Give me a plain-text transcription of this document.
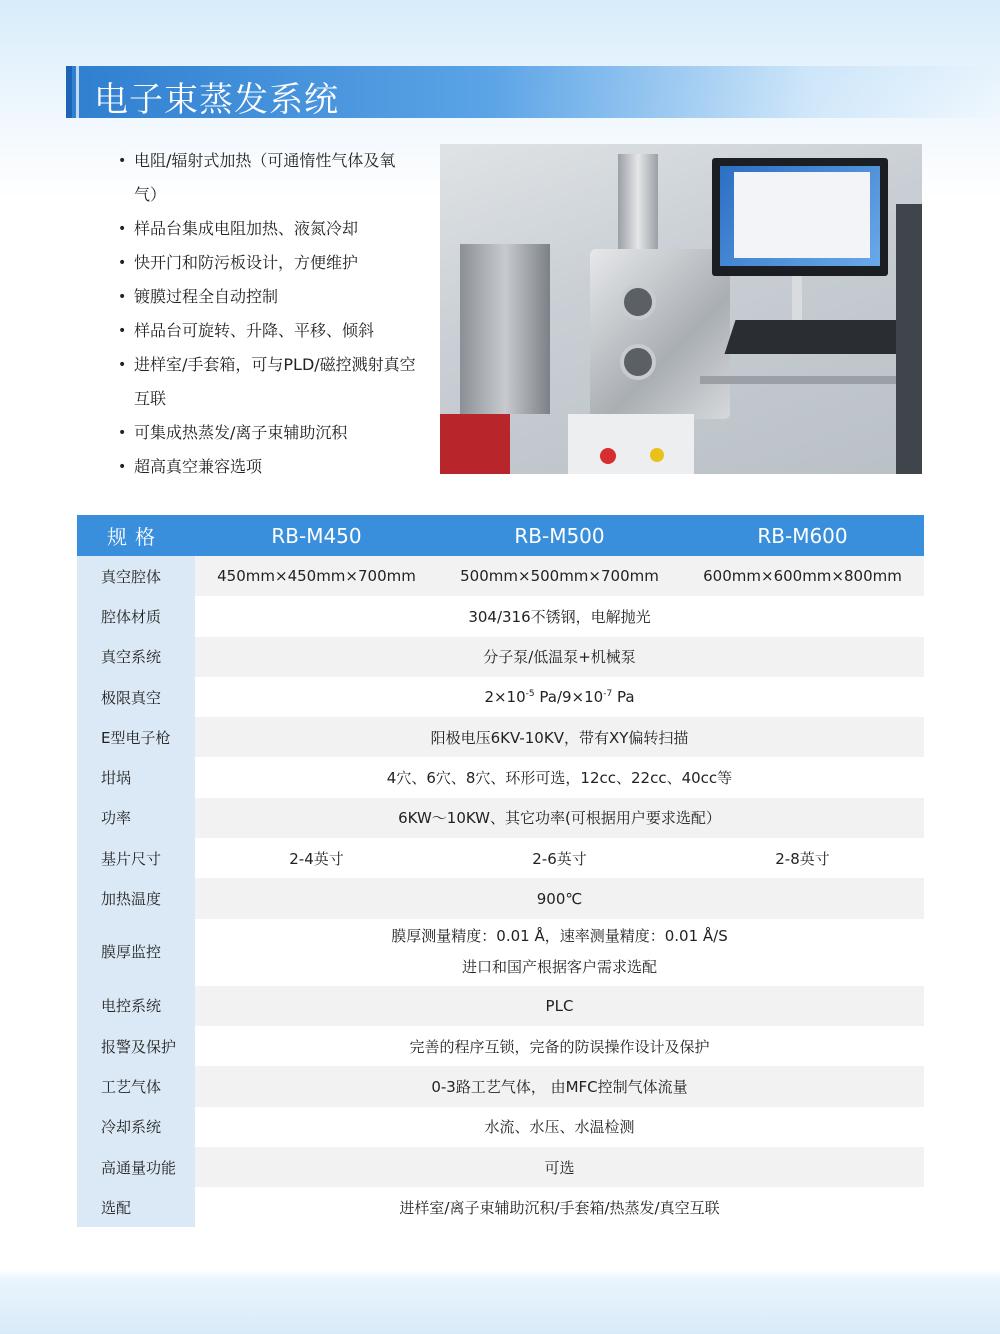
电子束蒸发系统
• 电阻/辐射式加热（可通惰性气体及氧气）
• 样品台集成电阻加热、液氮冷却
• 快开门和防污板设计，方便维护
• 镀膜过程全自动控制
• 样品台可旋转、升降、平移、倾斜
• 进样室/手套箱，可与PLD/磁控溅射真空互联
• 可集成热蒸发/离子束辅助沉积
• 超高真空兼容选项
规格	RB-M450	RB-M500	RB-M600
真空腔体	450mm×450mm×700mm	500mm×500mm×700mm	600mm×600mm×800mm
腔体材质	304/316不锈钢，电解抛光		
真空系统	分子泵/低温泵+机械泵		
极限真空	$2\times 10^{-5}$ $Pa/9\times 10^{-7}$ Pa		
E型电子枪	阳极电压6KV-10KV，带有XY偏转扫描		
坩埚	4穴、6穴、8穴、环形可选，12cc、22cc、40cc等		
功率	6KW～10KW、其它功率(可根据用户要求选配）		
基片尺寸	2-4英寸	2-6英寸	2-8英寸
加热温度	900℃		
膜厚监控	膜厚测量精度：0.01 Å，速率测量精度：0.01 Å/S
进口和国产根据客户需求选配		

电控系统	PLC		
报警及保护	完善的程序互锁，完备的防误操作设计及保护		
工艺气体	0-3路工艺气体， 由MFC控制气体流量		
冷却系统	水流、水压、水温检测		
高通量功能	可选		
选配	进样室/离子束辅助沉积/手套箱/热蒸发/真空互联		
